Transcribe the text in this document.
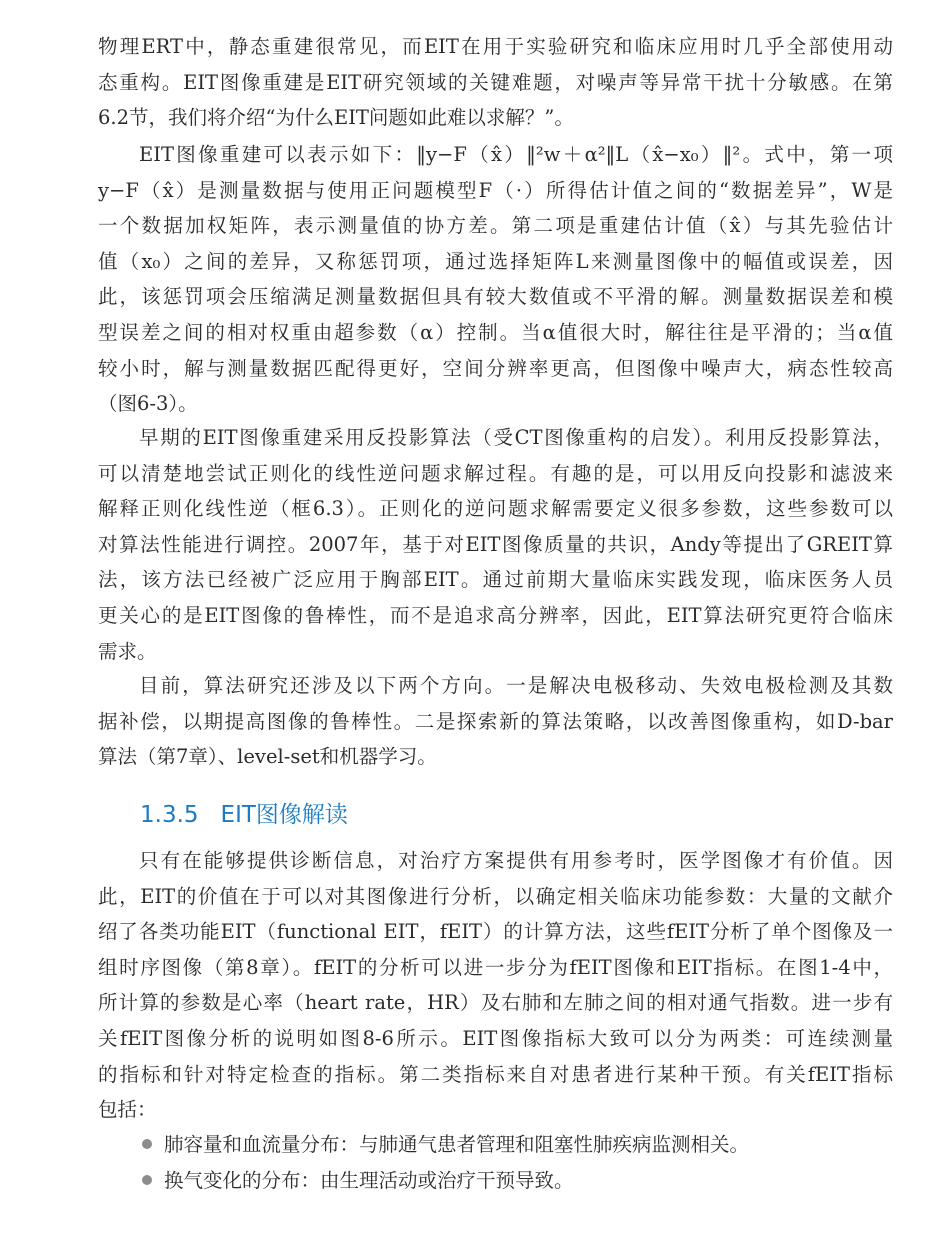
物理ERT中，静态重建很常见，而EIT在用于实验研究和临床应用时几乎全部使用动
态重构。EIT图像重建是EIT研究领域的关键难题，对噪声等异常干扰十分敏感。在第
6.2节，我们将介绍“为什么EIT问题如此难以求解？”。

EIT图像重建可以表示如下：‖y−F（x̂）‖²w＋α²‖L（x̂−x₀）‖²。式中，第一项
y−F（x̂）是测量数据与使用正问题模型F（·）所得估计值之间的“数据差异”，W是
一个数据加权矩阵，表示测量值的协方差。第二项是重建估计值（x̂）与其先验估计
值（x₀）之间的差异，又称惩罚项，通过选择矩阵L来测量图像中的幅值或误差，因
此，该惩罚项会压缩满足测量数据但具有较大数值或不平滑的解。测量数据误差和模
型误差之间的相对权重由超参数（α）控制。当α值很大时，解往往是平滑的；当α值
较小时，解与测量数据匹配得更好，空间分辨率更高，但图像中噪声大，病态性较高
（图6-3）。

早期的EIT图像重建采用反投影算法（受CT图像重构的启发）。利用反投影算法，
可以清楚地尝试正则化的线性逆问题求解过程。有趣的是，可以用反向投影和滤波来
解释正则化线性逆（框6.3）。正则化的逆问题求解需要定义很多参数，这些参数可以
对算法性能进行调控。2007年，基于对EIT图像质量的共识，Andy等提出了GREIT算
法，该方法已经被广泛应用于胸部EIT。通过前期大量临床实践发现，临床医务人员
更关心的是EIT图像的鲁棒性，而不是追求高分辨率，因此，EIT算法研究更符合临床
需求。

目前，算法研究还涉及以下两个方向。一是解决电极移动、失效电极检测及其数
据补偿，以期提高图像的鲁棒性。二是探索新的算法策略，以改善图像重构，如D-bar
算法（第7章）、level-set和机器学习。

1.3.5 EIT图像解读

只有在能够提供诊断信息，对治疗方案提供有用参考时，医学图像才有价值。因
此，EIT的价值在于可以对其图像进行分析，以确定相关临床功能参数：大量的文献介
绍了各类功能EIT（functional EIT，fEIT）的计算方法，这些fEIT分析了单个图像及一
组时序图像（第8章）。fEIT的分析可以进一步分为fEIT图像和EIT指标。在图1-4中，
所计算的参数是心率（heart rate，HR）及右肺和左肺之间的相对通气指数。进一步有
关fEIT图像分析的说明如图8-6所示。EIT图像指标大致可以分为两类：可连续测量
的指标和针对特定检查的指标。第二类指标来自对患者进行某种干预。有关fEIT指标
包括：

肺容量和血流量分布：与肺通气患者管理和阻塞性肺疾病监测相关。
换气变化的分布：由生理活动或治疗干预导致。
